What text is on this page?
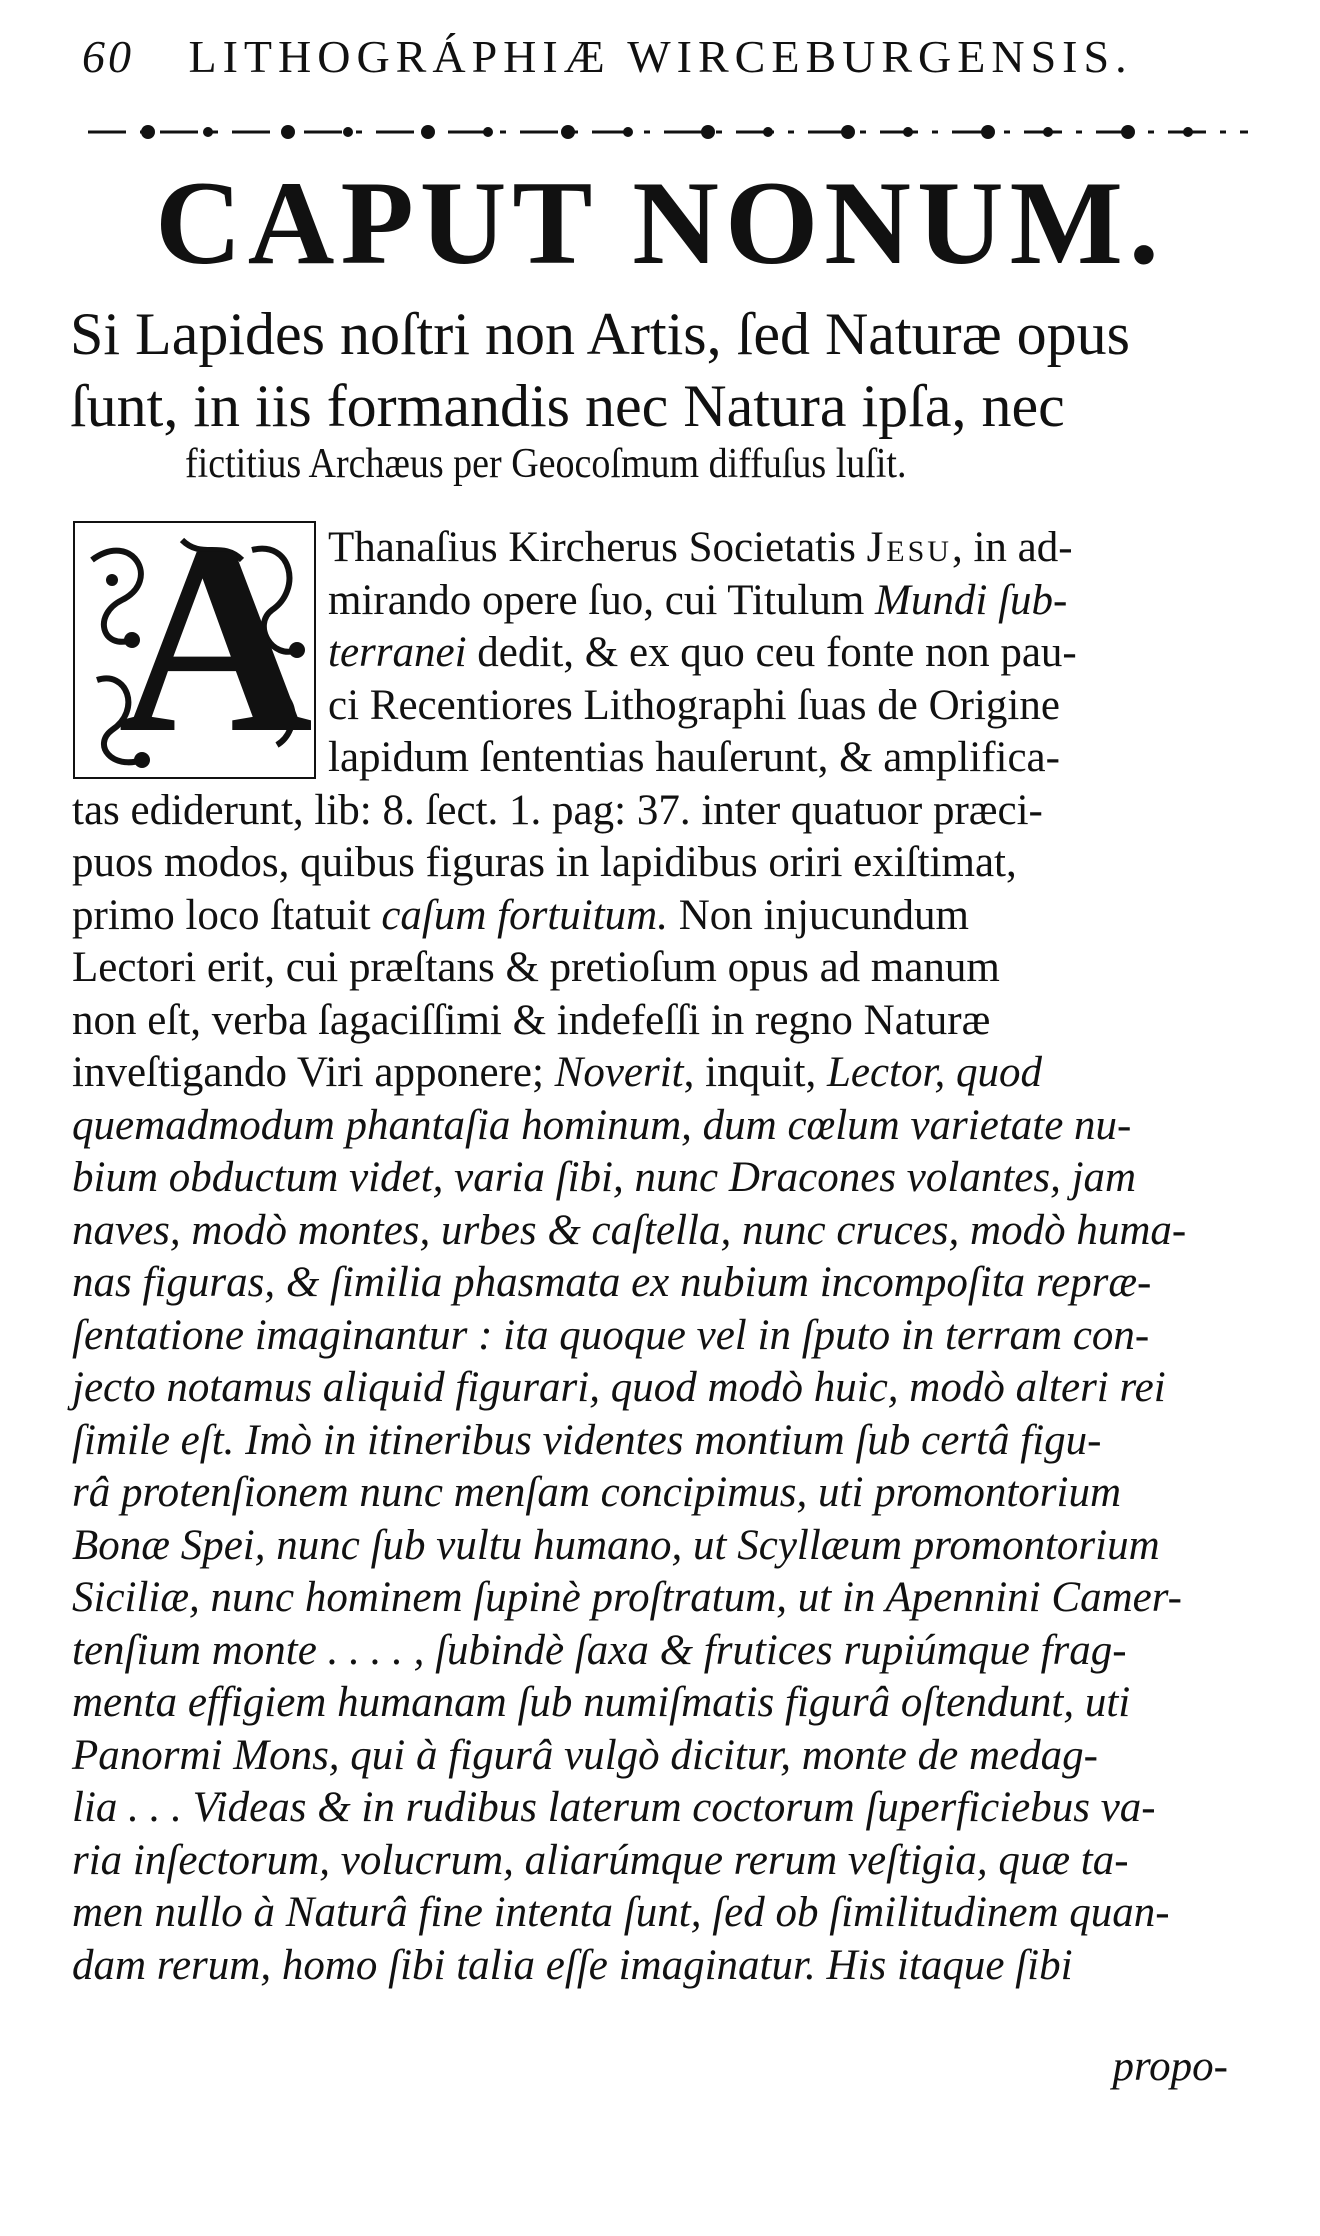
60 LITHOGRÁPHIÆ WIRCEBURGENSIS.
CAPUT NONUM.
Si Lapides noſtri non Artis, ſed Naturæ opus
ſunt, in iis formandis nec Natura ipſa, nec
fictitius Archæus per Geocoſmum diffuſus luſit.
A Thanaſius Kircherus Societatis Jesu, in ad-
mirando opere ſuo, cui Titulum Mundi ſub-
terranei dedit, & ex quo ceu fonte non pau-
ci Recentiores Lithographi ſuas de Origine
lapidum ſententias hauſerunt, & amplifica-
tas ediderunt, lib: 8. ſect. 1. pag: 37. inter quatuor præci-
puos modos, quibus figuras in lapidibus oriri exiſtimat,
primo loco ſtatuit caſum fortuitum. Non injucundum
Lectori erit, cui præſtans & pretioſum opus ad manum
non eſt, verba ſagaciſſimi & indefeſſi in regno Naturæ
inveſtigando Viri apponere; Noverit, inquit, Lector, quod
quemadmodum phantaſia hominum, dum cœlum varietate nu-
bium obductum videt, varia ſibi, nunc Dracones volantes, jam
naves, modò montes, urbes & caſtella, nunc cruces, modò huma-
nas figuras, & ſimilia phasmata ex nubium incompoſita repræ-
ſentatione imaginantur : ita quoque vel in ſputo in terram con-
jecto notamus aliquid figurari, quod modò huic, modò alteri rei
ſimile eſt. Imò in itineribus videntes montium ſub certâ figu-
râ protenſionem nunc menſam concipimus, uti promontorium
Bonæ Spei, nunc ſub vultu humano, ut Scyllæum promontorium
Siciliæ, nunc hominem ſupinè proſtratum, ut in Apennini Camer-
tenſium monte . . . . , ſubindè ſaxa & frutices rupiúmque frag-
menta effigiem humanam ſub numiſmatis figurâ oſtendunt, uti
Panormi Mons, qui à figurâ vulgò dicitur, monte de medag-
lia . . . Videas & in rudibus laterum coctorum ſuperficiebus va-
ria inſectorum, volucrum, aliarúmque rerum veſtigia, quæ ta-
men nullo à Naturâ fine intenta ſunt, ſed ob ſimilitudinem quan-
dam rerum, homo ſibi talia eſſe imaginatur. His itaque ſibi
propo-
